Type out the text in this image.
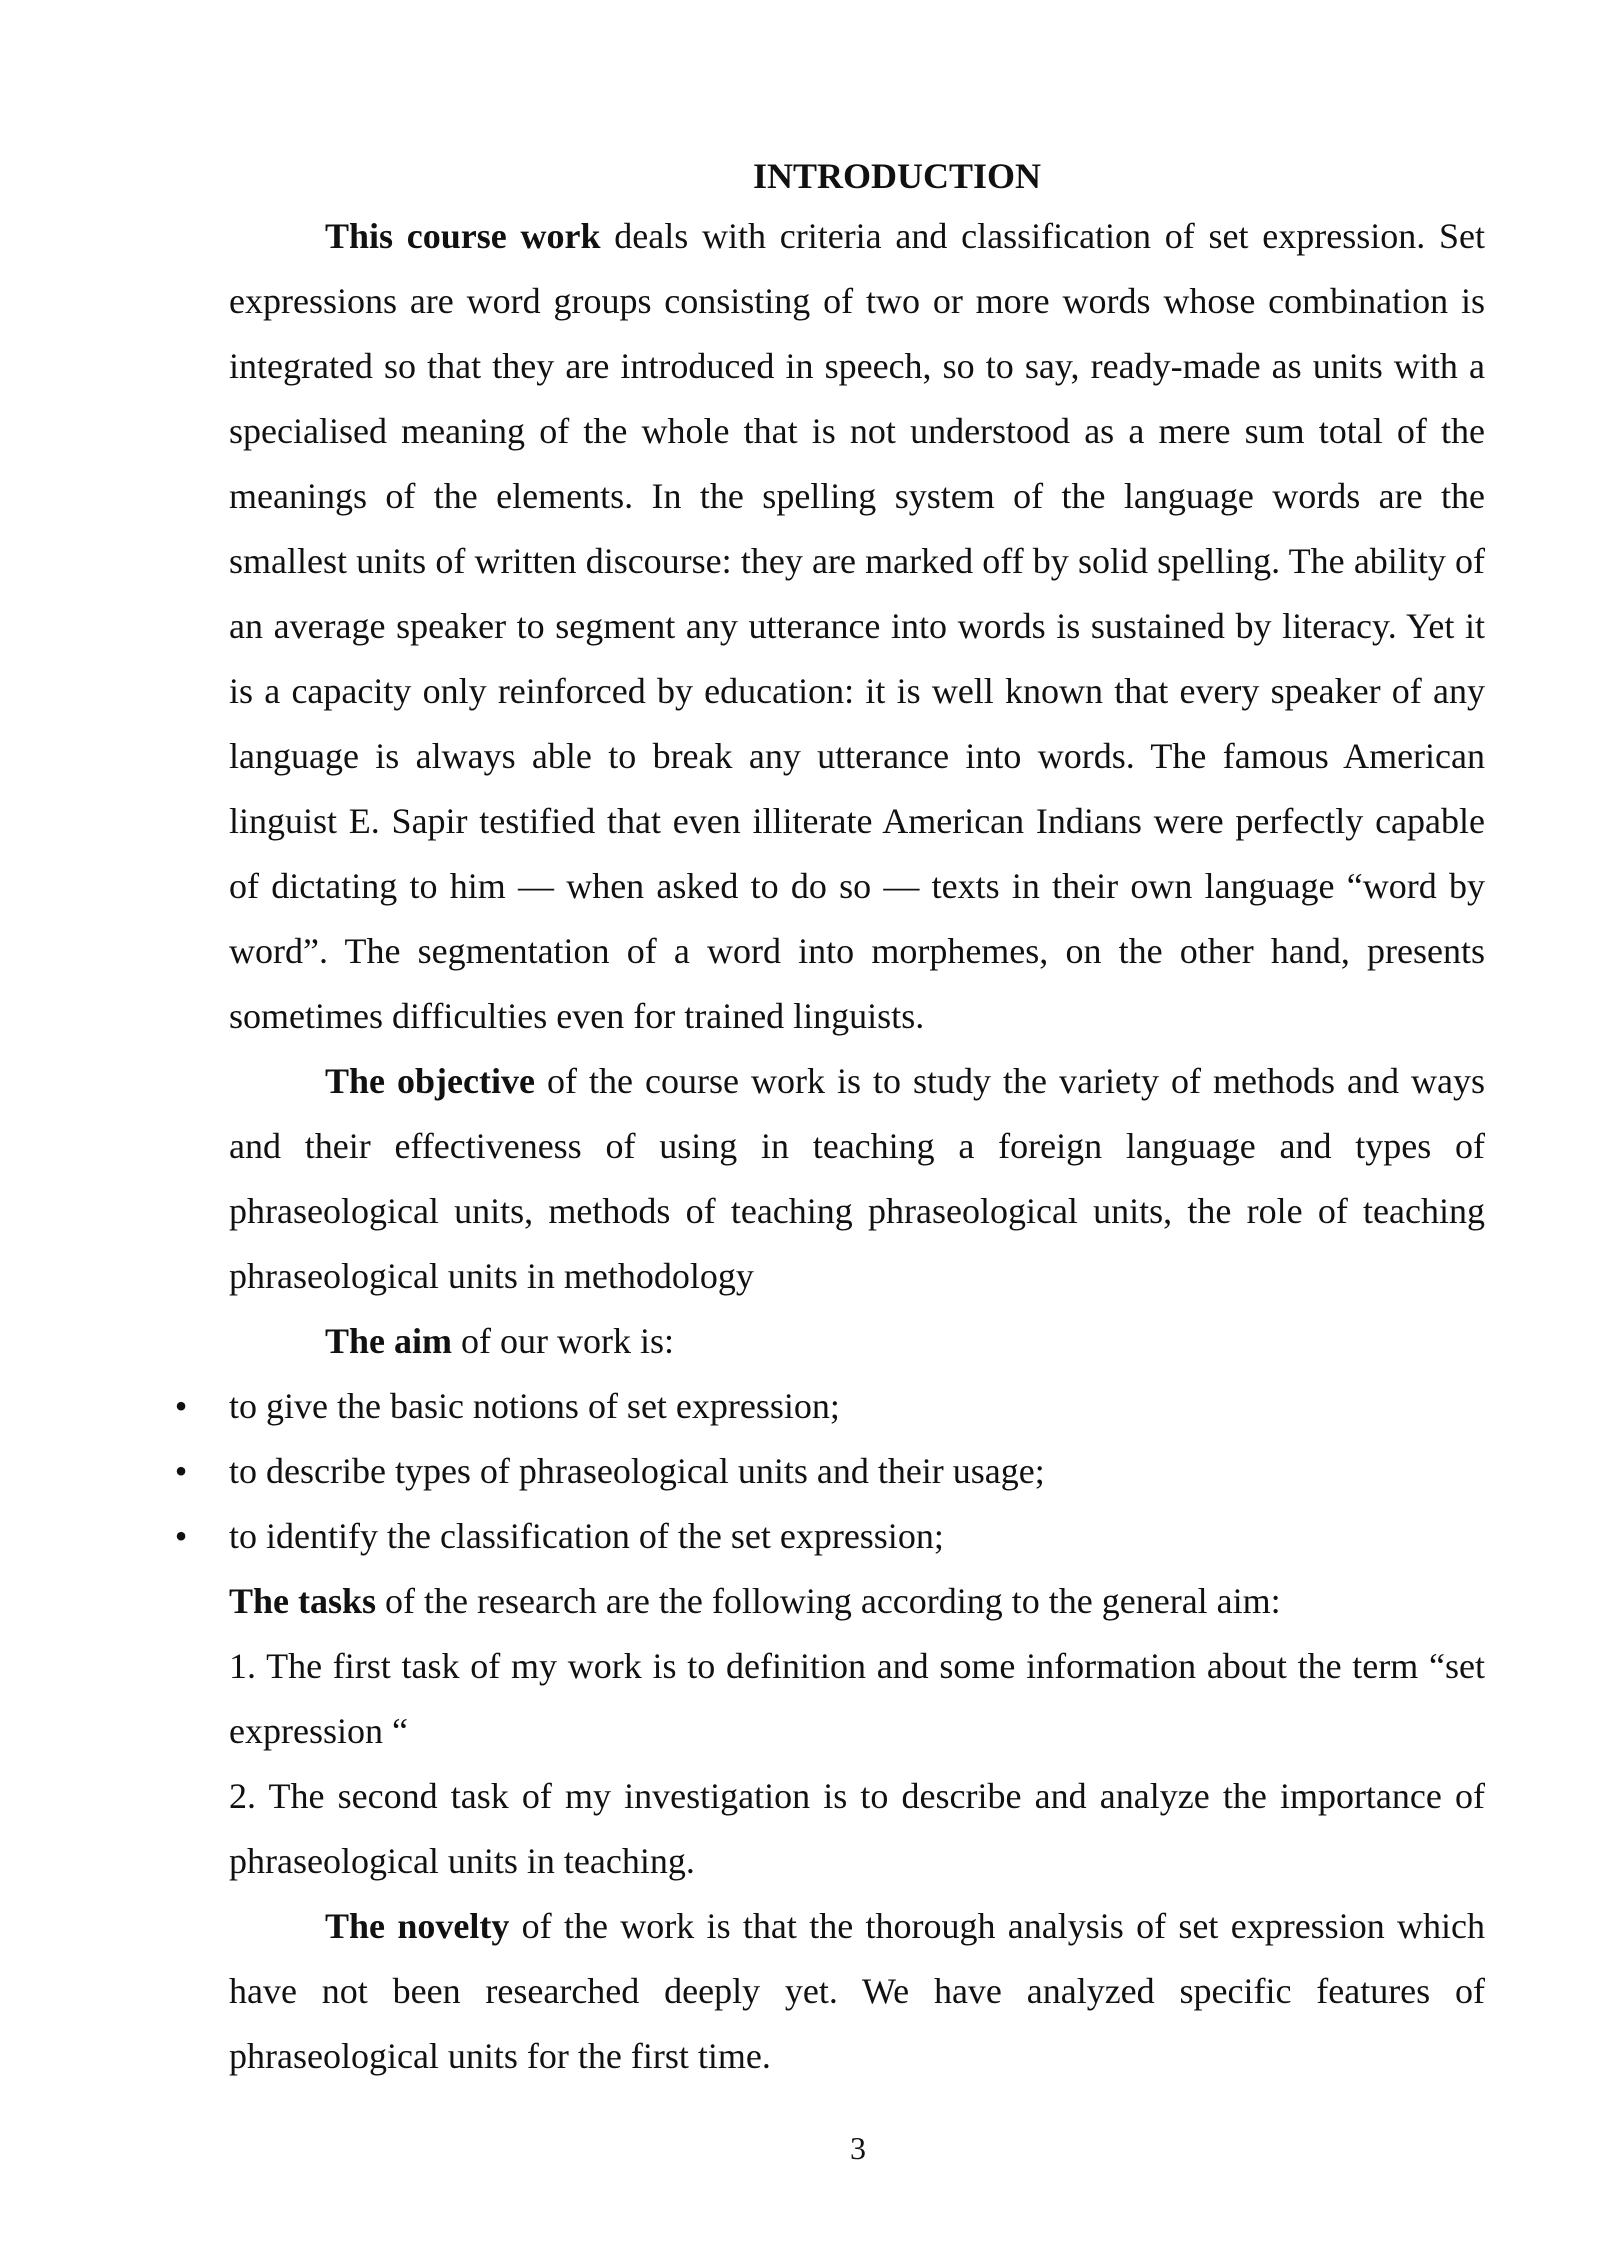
INTRODUCTION

This course work deals with criteria and classification of set expression. Set expressions are word groups consisting of two or more words whose combination is integrated so that they are introduced in speech, so to say, ready-made as units with a specialised meaning of the whole that is not understood as a mere sum total of the meanings of the elements. In the spelling system of the language words are the smallest units of written discourse: they are marked off by solid spelling. The ability of an average speaker to segment any utterance into words is sustained by literacy. Yet it is a capacity only reinforced by education: it is well known that every speaker of any language is always able to break any utterance into words. The famous American linguist E. Sapir testified that even illiterate American Indians were perfectly capable of dictating to him — when asked to do so — texts in their own language “word by word”. The segmentation of a word into morphemes, on the other hand, presents sometimes difficulties even for trained linguists.

The objective of the course work is to study the variety of methods and ways and their effectiveness of using in teaching a foreign language and types of phraseological units, methods of teaching phraseological units, the role of teaching phraseological units in methodology

The aim of our work is:

• to give the basic notions of set expression;
• to describe types of phraseological units and their usage;
• to identify the classification of the set expression;

The tasks of the research are the following according to the general aim:

1. The first task of my work is to definition and some information about the term “set expression “

2. The second task of my investigation is to describe and analyze the importance of phraseological units in teaching.

The novelty of the work is that the thorough analysis of set expression which have not been researched deeply yet. We have analyzed specific features of phraseological units for the first time.

3
